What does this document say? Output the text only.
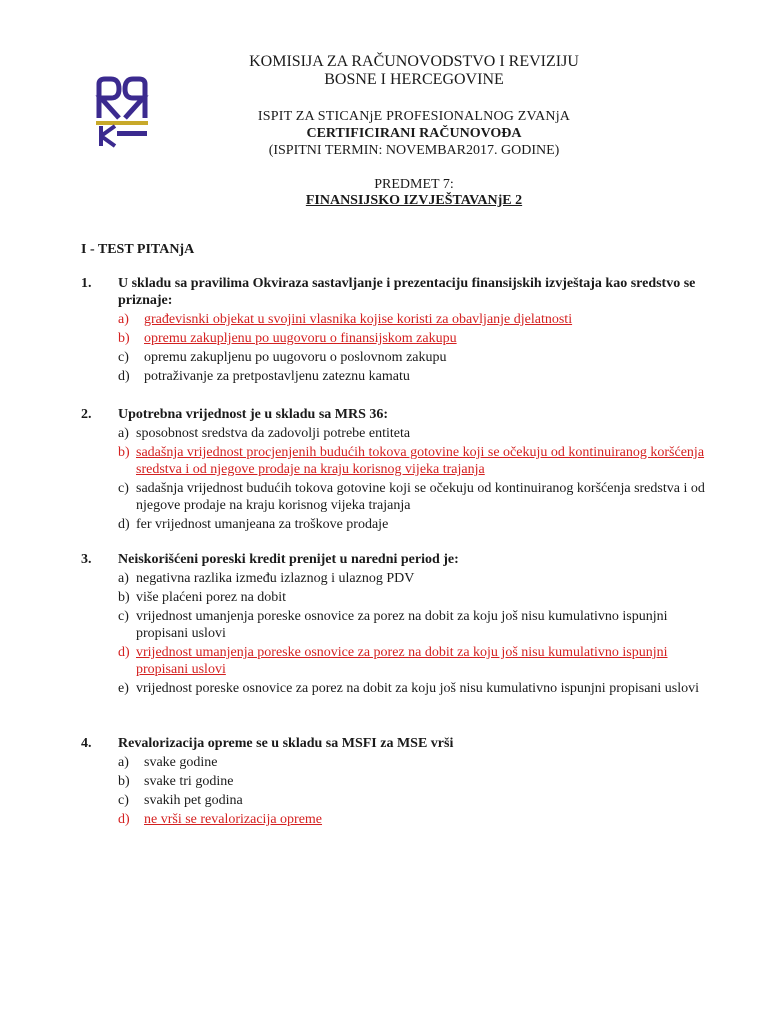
KOMISIJA ZA RAČUNOVODSTVO I REVIZIJU
BOSNE I HERCEGOVINE
ISPIT ZA STICANjE PROFESIONALNOG ZVANjA
CERTIFICIRANI RAČUNOVOĐA
(ISPITNI TERMIN: NOVEMBAR2017. GODINE)
PREDMET 7:
FINANSIJSKO IZVJEŠTAVANjE 2
I - TEST PITANjA
1. U skladu sa pravilima Okviraza sastavljanje i prezentaciju finansijskih izvještaja kao sredstvo se priznaje:
a)	građevisnki objekat u svojini vlasnika kojise koristi za obavljanje djelatnosti
b)	opremu zakupljenu po uugovoru o finansijskom zakupu
c)	opremu zakupljenu po uugovoru o poslovnom zakupu
d)	potraživanje za pretpostavljenu zateznu kamatu
2. Upotrebna vrijednost je u skladu sa MRS 36:
a) sposobnost sredstva da zadovolji potrebe entiteta
b) sadašnja vrijednost procjenjenih budućih tokova gotovine koji se očekuju od kontinuiranog koršćenja sredstva i od njegove prodaje na kraju korisnog vijeka trajanja
c) sadašnja vrijednost budućih tokova gotovine koji se očekuju od kontinuiranog koršćenja sredstva i od njegove prodaje na kraju korisnog vijeka trajanja
d) fer vrijednost umanjeana za troškove prodaje
3. Neiskorišćeni poreski kredit prenijet u naredni period je:
a) negativna razlika između izlaznog i ulaznog PDV
b) više plaćeni porez na dobit
c) vrijednost umanjenja poreske osnovice za porez na dobit za koju još nisu kumulativno ispunjni propisani uslovi
d) vrijednost umanjenja poreske osnovice za porez na dobit za koju još nisu kumulativno ispunjni propisani uslovi
e) vrijednost poreske osnovice za porez na dobit za koju još nisu kumulativno ispunjni propisani uslovi
4. Revalorizacija opreme se u skladu sa MSFI za MSE vrši
a)	svake godine
b)	svake tri godine
c)	svakih pet godina
d)	ne vrši se revalorizacija opreme
